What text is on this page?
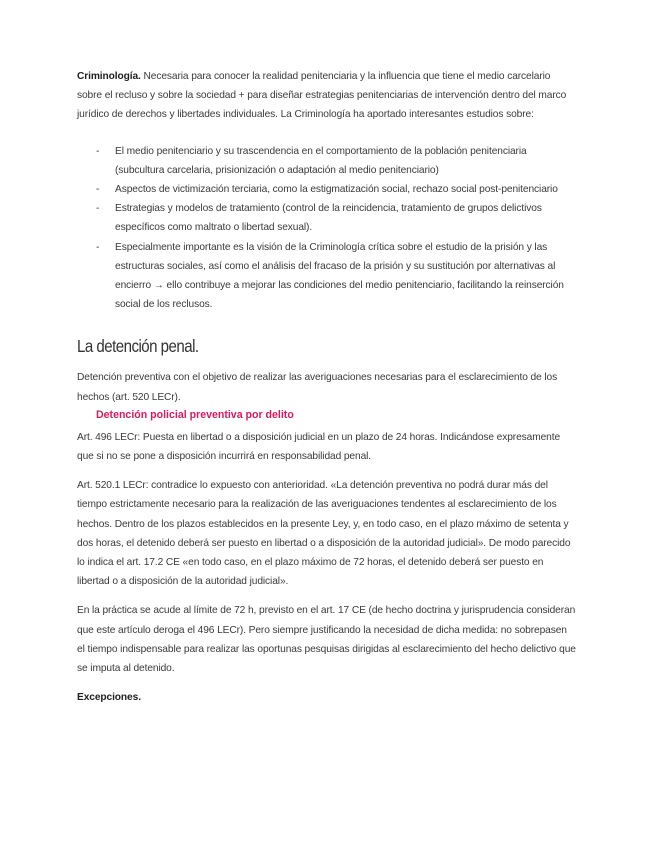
Criminología. Necesaria para conocer la realidad penitenciaria y la influencia que tiene el medio carcelario sobre el recluso y sobre la sociedad + para diseñar estrategias penitenciarias de intervención dentro del marco jurídico de derechos y libertades individuales. La Criminología ha aportado interesantes estudios sobre:

- El medio penitenciario y su trascendencia en el comportamiento de la población penitenciaria (subcultura carcelaria, prisionización o adaptación al medio penitenciario)
- Aspectos de victimización terciaria, como la estigmatización social, rechazo social post-penitenciario
- Estrategias y modelos de tratamiento (control de la reincidencia, tratamiento de grupos delictivos específicos como maltrato o libertad sexual).
- Especialmente importante es la visión de la Criminología crítica sobre el estudio de la prisión y las estructuras sociales, así como el análisis del fracaso de la prisión y su sustitución por alternativas al encierro → ello contribuye a mejorar las condiciones del medio penitenciario, facilitando la reinserción social de los reclusos.
La detención penal.

Detención preventiva con el objetivo de realizar las averiguaciones necesarias para el esclarecimiento de los hechos (art. 520 LECr).

Detención policial preventiva por delito

Art. 496 LECr: Puesta en libertad o a disposición judicial en un plazo de 24 horas. Indicándose expresamente que si no se pone a disposición incurrirá en responsabilidad penal.

Art. 520.1 LECr: contradice lo expuesto con anterioridad. «La detención preventiva no podrá durar más del tiempo estrictamente necesario para la realización de las averiguaciones tendentes al esclarecimiento de los hechos. Dentro de los plazos establecidos en la presente Ley, y, en todo caso, en el plazo máximo de setenta y dos horas, el detenido deberá ser puesto en libertad o a disposición de la autoridad judicial». De modo parecido lo indica el art. 17.2 CE «en todo caso, en el plazo máximo de 72 horas, el detenido deberá ser puesto en libertad o a disposición de la autoridad judicial».

En la práctica se acude al límite de 72 h, previsto en el art. 17 CE (de hecho doctrina y jurisprudencia consideran que este artículo deroga el 496 LECr). Pero siempre justificando la necesidad de dicha medida: no sobrepasen el tiempo indispensable para realizar las oportunas pesquisas dirigidas al esclarecimiento del hecho delictivo que se imputa al detenido.

Excepciones.
